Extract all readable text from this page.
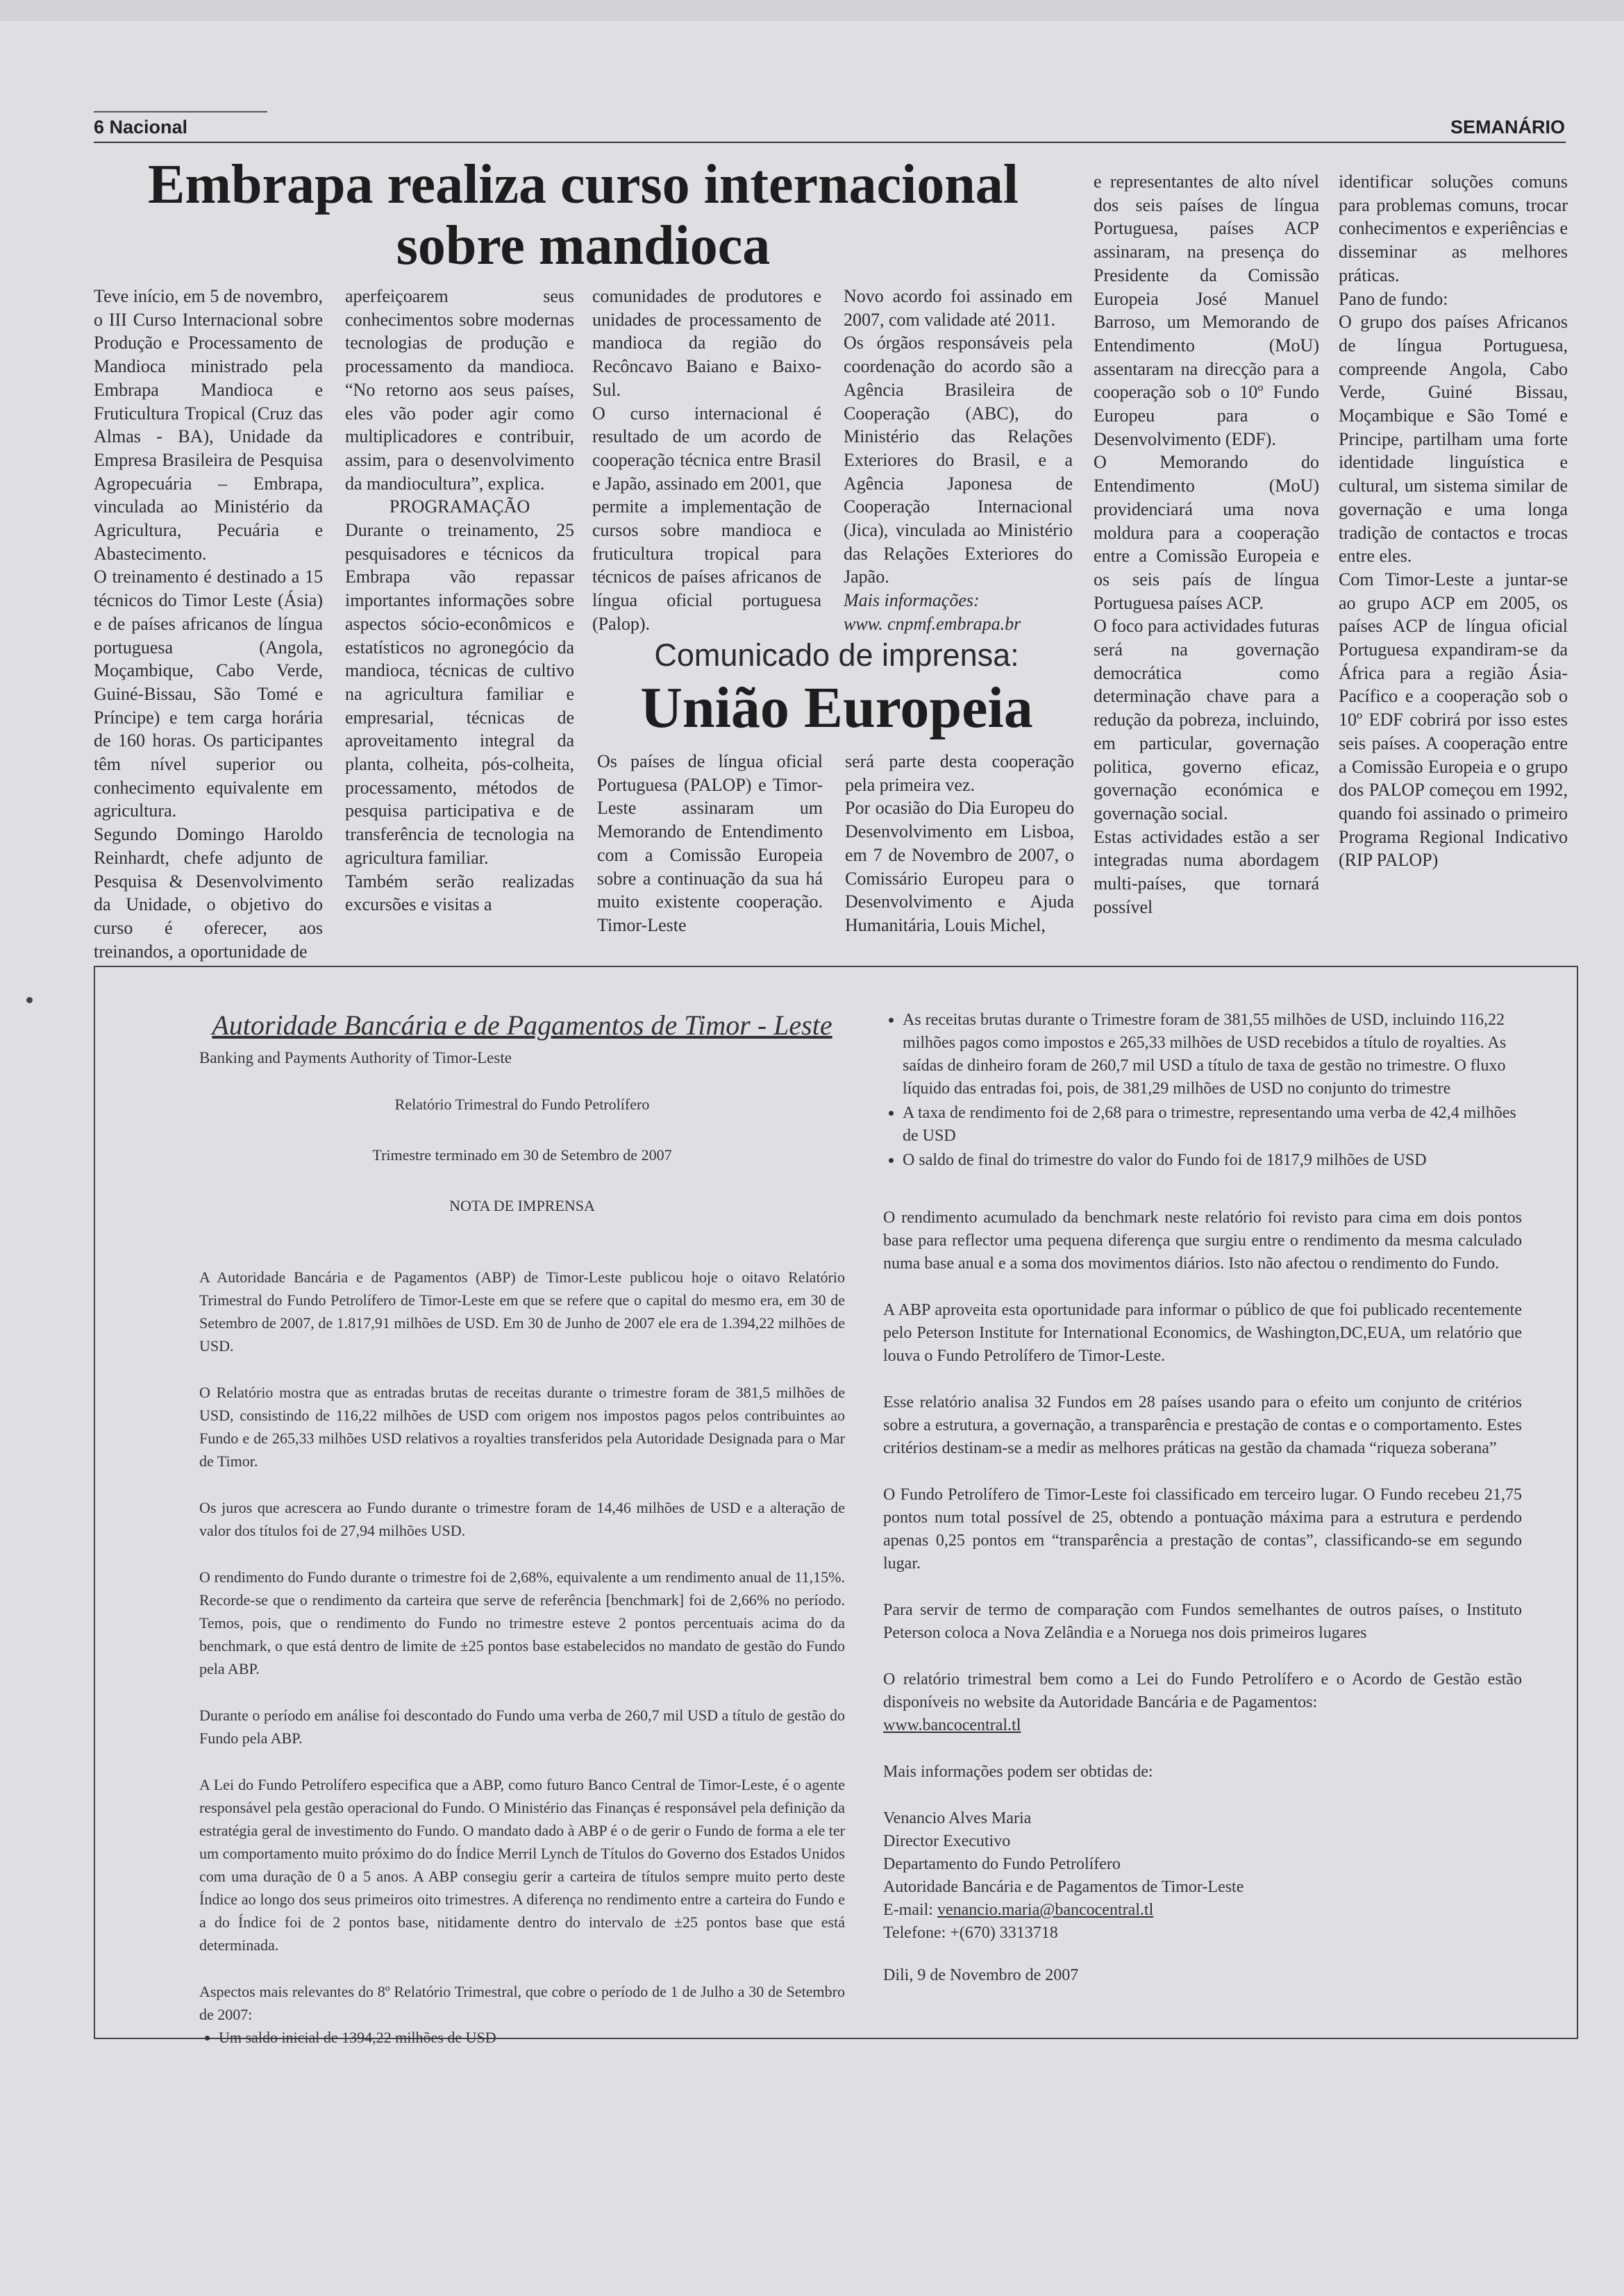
6 Nacional	SEMANÁRIO
Embrapa realiza curso internacional sobre mandioca

Teve início, em 5 de novembro, o III Curso Internacional sobre Produção e Processamento de Mandioca ministrado pela Embrapa Mandioca e Fruticultura Tropical (Cruz das Almas - BA), Unidade da Empresa Brasileira de Pesquisa Agropecuária – Embrapa, vinculada ao Ministério da Agricultura, Pecuária e Abastecimento.

O treinamento é destinado a 15 técnicos do Timor Leste (Ásia) e de países africanos de língua portuguesa (Angola, Moçambique, Cabo Verde, Guiné-Bissau, São Tomé e Príncipe) e tem carga horária de 160 horas. Os participantes têm nível superior ou conhecimento equivalente em agricultura.

Segundo Domingo Haroldo Reinhardt, chefe adjunto de Pesquisa & Desenvolvimento da Unidade, o objetivo do curso é oferecer, aos treinandos, a oportunidade de

aperfeiçoarem seus conhecimentos sobre modernas tecnologias de produção e processamento da mandioca. “No retorno aos seus países, eles vão poder agir como multiplicadores e contribuir, assim, para o desenvolvimento da mandiocultura”, explica.

PROGRAMAÇÃO

Durante o treinamento, 25 pesquisadores e técnicos da Embrapa vão repassar importantes informações sobre aspectos sócio-econômicos e estatísticos no agronegócio da mandioca, técnicas de cultivo na agricultura familiar e empresarial, técnicas de aproveitamento integral da planta, colheita, pós-colheita, processamento, métodos de pesquisa participativa e de transferência de tecnologia na agricultura familiar.

Também serão realizadas excursões e visitas a

comunidades de produtores e unidades de processamento de mandioca da região do Recôncavo Baiano e Baixo-Sul.

O curso internacional é resultado de um acordo de cooperação técnica entre Brasil e Japão, assinado em 2001, que permite a implementação de cursos sobre mandioca e fruticultura tropical para técnicos de países africanos de língua oficial portuguesa (Palop).

Novo acordo foi assinado em 2007, com validade até 2011.

Os órgãos responsáveis pela coordenação do acordo são a Agência Brasileira de Cooperação (ABC), do Ministério das Relações Exteriores do Brasil, e a Agência Japonesa de Cooperação Internacional (Jica), vinculada ao Ministério das Relações Exteriores do Japão.

Mais informações:

www. cnpmf.embrapa.br

Comunicado de imprensa:
União Europeia

Os países de língua oficial Portuguesa (PALOP) e Timor-Leste assinaram um Memorando de Entendimento com a Comissão Europeia sobre a continuação da sua há muito existente cooperação. Timor-Leste

será parte desta cooperação pela primeira vez.

Por ocasião do Dia Europeu do Desenvolvimento em Lisboa, em 7 de Novembro de 2007, o Comissário Europeu para o Desenvolvimento e Ajuda Humanitária, Louis Michel,

e representantes de alto nível dos seis países de língua Portuguesa, países ACP assinaram, na presença do Presidente da Comissão Europeia José Manuel Barroso, um Memorando de Entendimento (MoU) assentaram na direcção para a cooperação sob o 10º Fundo Europeu para o Desenvolvimento (EDF).

O Memorando do Entendimento (MoU) providenciará uma nova moldura para a cooperação entre a Comissão Europeia e os seis país de língua Portuguesa países ACP.

O foco para actividades futuras será na governação democrática como determinação chave para a redução da pobreza, incluindo, em particular, governação politica, governo eficaz, governação económica e governação social.

Estas actividades estão a ser integradas numa abordagem multi-países, que tornará possível

identificar soluções comuns para problemas comuns, trocar conhecimentos e experiências e disseminar as melhores práticas.

Pano de fundo:

O grupo dos países Africanos de língua Portuguesa, compreende Angola, Cabo Verde, Guiné Bissau, Moçambique e São Tomé e Principe, partilham uma forte identidade linguística e cultural, um sistema similar de governação e uma longa tradição de contactos e trocas entre eles.

Com Timor-Leste a juntar-se ao grupo ACP em 2005, os países ACP de língua oficial Portuguesa expandiram-se da África para a região Ásia-Pacífico e a cooperação sob o 10º EDF cobrirá por isso estes seis países. A cooperação entre a Comissão Europeia e o grupo dos PALOP começou em 1992, quando foi assinado o primeiro Programa Regional Indicativo (RIP PALOP)

Autoridade Bancária e de Pagamentos de Timor - Leste

Banking and Payments Authority of Timor-Leste

Relatório Trimestral do Fundo Petrolífero

Trimestre terminado em 30 de Setembro de 2007

NOTA DE IMPRENSA

A Autoridade Bancária e de Pagamentos (ABP) de Timor-Leste publicou hoje o oitavo Relatório Trimestral do Fundo Petrolífero de Timor-Leste em que se refere que o capital do mesmo era, em 30 de Setembro de 2007, de 1.817,91 milhões de USD. Em 30 de Junho de 2007 ele era de 1.394,22 milhões de USD.

O Relatório mostra que as entradas brutas de receitas durante o trimestre foram de 381,5 milhões de USD, consistindo de 116,22 milhões de USD com origem nos impostos pagos pelos contribuintes ao Fundo e de 265,33 milhões USD relativos a royalties transferidos pela Autoridade Designada para o Mar de Timor.

Os juros que acrescera ao Fundo durante o trimestre foram de 14,46 milhões de USD e a alteração de valor dos títulos foi de 27,94 milhões USD.

O rendimento do Fundo durante o trimestre foi de 2,68%, equivalente a um rendimento anual de 11,15%. Recorde-se que o rendimento da carteira que serve de referência [benchmark] foi de 2,66% no período. Temos, pois, que o rendimento do Fundo no trimestre esteve 2 pontos percentuais acima do da benchmark, o que está dentro de limite de ±25 pontos base estabelecidos no mandato de gestão do Fundo pela ABP.

Durante o período em análise foi descontado do Fundo uma verba de 260,7 mil USD a título de gestão do Fundo pela ABP.

A Lei do Fundo Petrolífero especifica que a ABP, como futuro Banco Central de Timor-Leste, é o agente responsável pela gestão operacional do Fundo. O Ministério das Finanças é responsável pela definição da estratégia geral de investimento do Fundo. O mandato dado à ABP é o de gerir o Fundo de forma a ele ter um comportamento muito próximo do do Índice Merril Lynch de Títulos do Governo dos Estados Unidos com uma duração de 0 a 5 anos. A ABP consegiu gerir a carteira de títulos sempre muito perto deste Índice ao longo dos seus primeiros oito trimestres. A diferença no rendimento entre a carteira do Fundo e a do Índice foi de 2 pontos base, nitidamente dentro do intervalo de ±25 pontos base que está determinada.

Aspectos mais relevantes do 8º Relatório Trimestral, que cobre o período de 1 de Julho a 30 de Setembro de 2007:

• Um saldo inicial de 1394,22 milhões de USD
• As receitas brutas durante o Trimestre foram de 381,55 milhões de USD, incluindo 116,22 milhões pagos como impostos e 265,33 milhões de USD recebidos a título de royalties. As saídas de dinheiro foram de 260,7 mil USD a título de taxa de gestão no trimestre. O fluxo líquido das entradas foi, pois, de 381,29 milhões de USD no conjunto do trimestre
• A taxa de rendimento foi de 2,68 para o trimestre, representando uma verba de 42,4 milhões de USD
• O saldo de final do trimestre do valor do Fundo foi de 1817,9 milhões de USD

O rendimento acumulado da benchmark neste relatório foi revisto para cima em dois pontos base para reflector uma pequena diferença que surgiu entre o rendimento da mesma calculado numa base anual e a soma dos movimentos diários. Isto não afectou o rendimento do Fundo.

A ABP aproveita esta oportunidade para informar o público de que foi publicado recentemente pelo Peterson Institute for International Economics, de Washington,DC,EUA, um relatório que louva o Fundo Petrolífero de Timor-Leste.

Esse relatório analisa 32 Fundos em 28 países usando para o efeito um conjunto de critérios sobre a estrutura, a governação, a transparência e prestação de contas e o comportamento. Estes critérios destinam-se a medir as melhores práticas na gestão da chamada “riqueza soberana”

O Fundo Petrolífero de Timor-Leste foi classificado em terceiro lugar. O Fundo recebeu 21,75 pontos num total possível de 25, obtendo a pontuação máxima para a estrutura e perdendo apenas 0,25 pontos em “transparência a prestação de contas”, classificando-se em segundo lugar.

Para servir de termo de comparação com Fundos semelhantes de outros países, o Instituto Peterson coloca a Nova Zelândia e a Noruega nos dois primeiros lugares

O relatório trimestral bem como a Lei do Fundo Petrolífero e o Acordo de Gestão estão disponíveis no website da Autoridade Bancária e de Pagamentos:

www.bancocentral.tl

Mais informações podem ser obtidas de:

Venancio Alves Maria

Director Executivo

Departamento do Fundo Petrolífero

Autoridade Bancária e de Pagamentos de Timor-Leste

E-mail: venancio.maria@bancocentral.tl

Telefone: +(670) 3313718

Dili, 9 de Novembro de 2007
